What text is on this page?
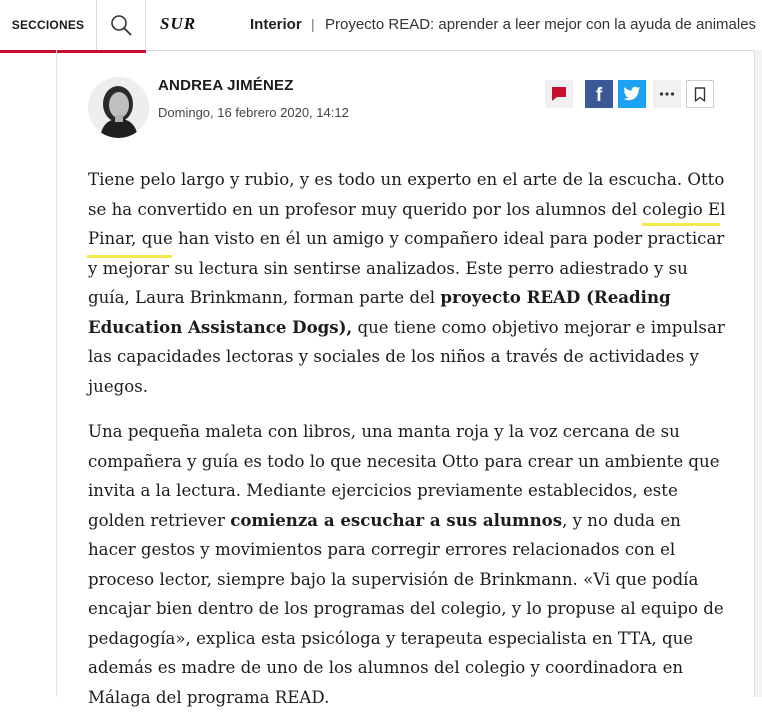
SECCIONES	SUR	Interior | Proyecto READ: aprender a leer mejor con la ayuda de animales
ANDREA JIMÉNEZ
Domingo, 16 febrero 2020, 14:12
f

Tiene pelo largo y rubio, y es todo un experto en el arte de la escucha. Otto se ha convertido en un profesor muy querido por los alumnos del colegio El Pinar, que han visto en él un amigo y compañero ideal para poder practicar y mejorar su lectura sin sentirse analizados. Este perro adiestrado y su guía, Laura Brinkmann, forman parte del proyecto READ (Reading Education Assistance Dogs), que tiene como objetivo mejorar e impulsar las capacidades lectoras y sociales de los niños a través de actividades y juegos.

Una pequeña maleta con libros, una manta roja y la voz cercana de su compañera y guía es todo lo que necesita Otto para crear un ambiente que invita a la lectura. Mediante ejercicios previamente establecidos, este golden retriever comienza a escuchar a sus alumnos, y no duda en hacer gestos y movimientos para corregir errores relacionados con el proceso lector, siempre bajo la supervisión de Brinkmann. «Vi que podía encajar bien dentro de los programas del colegio, y lo propuse al equipo de pedagogía», explica esta psicóloga y terapeuta especialista en TTA, que además es madre de uno de los alumnos del colegio y coordinadora en Málaga del programa READ.
